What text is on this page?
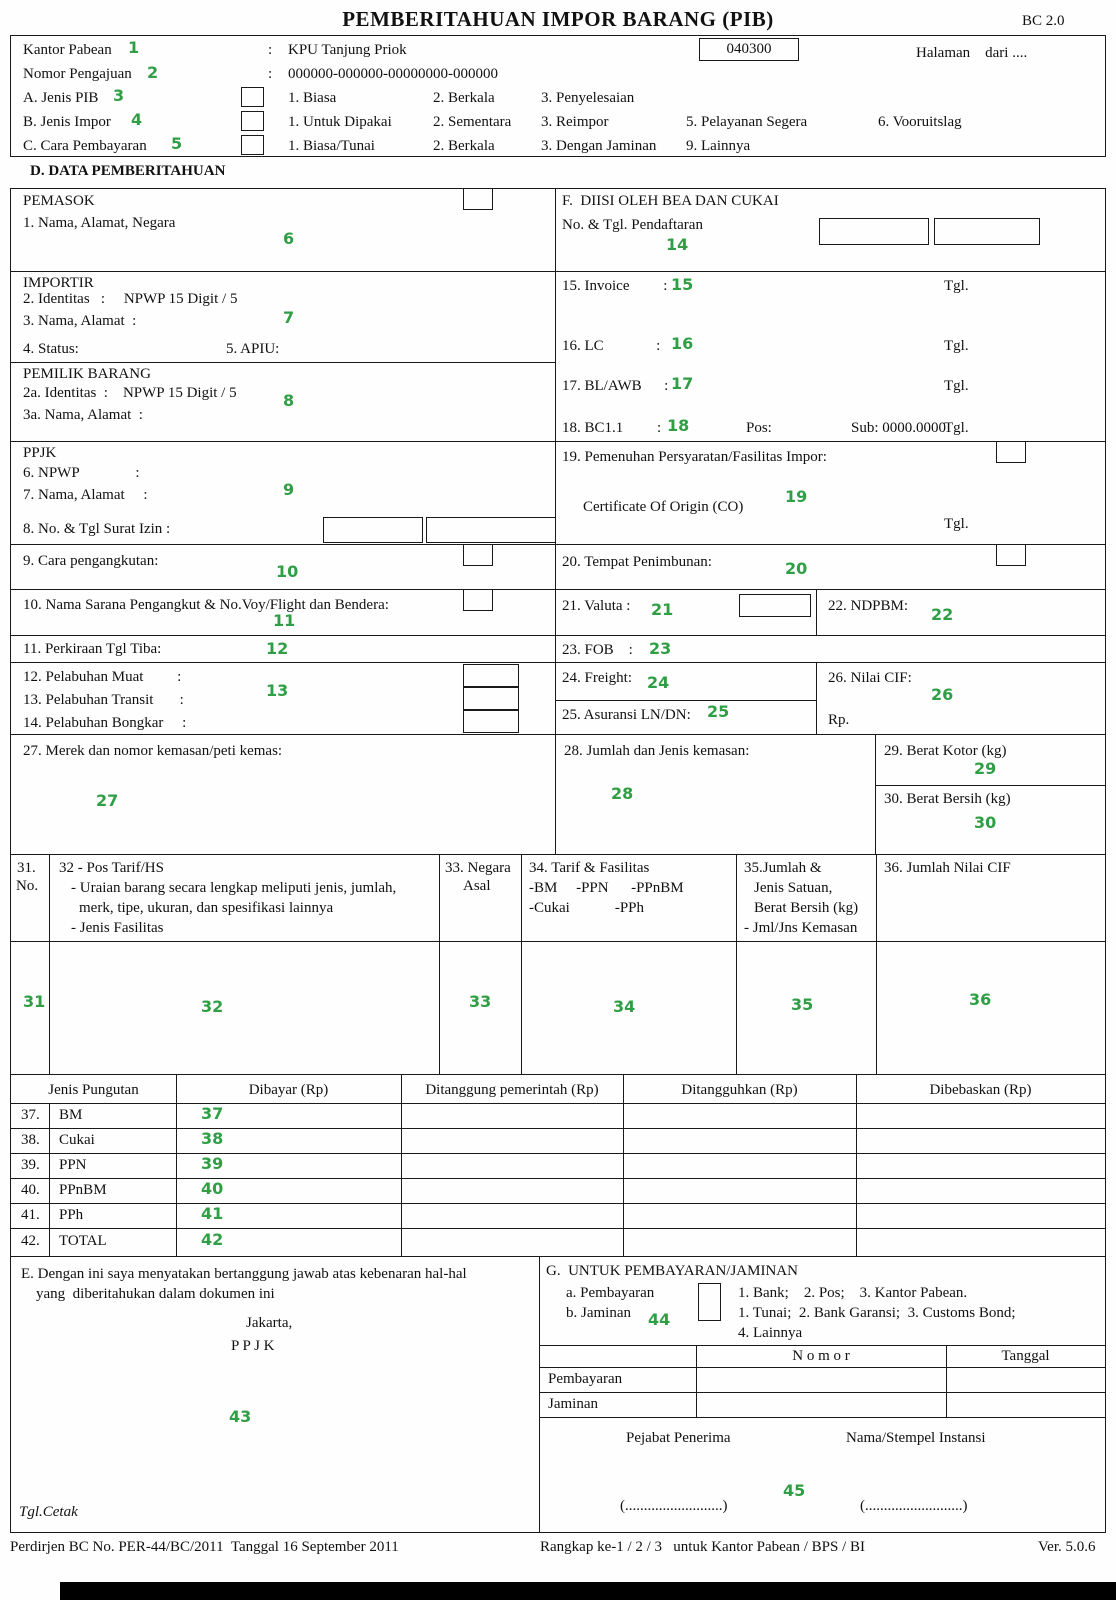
PEMBERITAHUAN IMPOR BARANG (PIB)	BC 2.0
Kantor Pabean 1	: KPU Tanjung Priok	040300	Halaman    dari ....
Nomor Pengajuan 2	: 000000-000000-00000000-000000
A. Jenis PIB 3	1. Biasa	2. Berkala	3. Penyelesaian
B. Jenis Impor 4	1. Untuk Dipakai	2. Sementara 3. Reimpor	5. Pelayanan Segera	6. Vooruitslag
C. Cara Pembayaran 5	1. Biasa/Tunai	2. Berkala	3. Dengan Jaminan 9. Lainnya
D. DATA PEMBERITAHUAN
PEMASOK
1. Nama, Alamat, Negara
6
IMPORTIR
2. Identitas   :     NPWP 15 Digit / 5
3. Nama, Alamat  :	7
4. Status:	5. APIU:
PEMILIK BARANG
2a. Identitas  :    NPWP 15 Digit / 5	8
3a. Nama, Alamat  :
PPJK
6. NPWP               :
7. Nama, Alamat     :	9
8. No. & Tgl Surat Izin :
9. Cara pengangkutan:
10
10. Nama Sarana Pengangkut & No.Voy/Flight dan Bendera:
11
11. Perkiraan Tgl Tiba:	12
12. Pelabuhan Muat         :
13. Pelabuhan Transit       :	13
14. Pelabuhan Bongkar     :
F.  DIISI OLEH BEA DAN CUKAI
No. & Tgl. Pendaftaran
14
15. Invoice         : 15	Tgl.
16. LC              : 16	Tgl.
17. BL/AWB      : 17	Tgl.
18. BC1.1         : 18	Pos:	Sub: 0000.0000
Tgl.
19. Pemenuhan Persyaratan/Fasilitas Impor:
Certificate Of Origin (CO)
19
Tgl.
20. Tempat Penimbunan:	20
21. Valuta : 21	22. NDPBM: 22
23. FOB    : 23
24. Freight: 24
25. Asuransi LN/DN: 25
26. Nilai CIF:
26
Rp.
27. Merek dan nomor kemasan/peti kemas:
27
28. Jumlah dan Jenis kemasan:
28
29. Berat Kotor (kg)
29
30. Berat Bersih (kg)
30
31.
No.
32 - Pos Tarif/HS
- Uraian barang secara lengkap meliputi jenis, jumlah,
merk, tipe, ukuran, dan spesifikasi lainnya
- Jenis Fasilitas
33. Negara
Asal
34. Tarif & Fasilitas
-BM     -PPN      -PPnBM
-Cukai            -PPh
35.Jumlah &
Jenis Satuan,
Berat Bersih (kg)
- Jml/Jns Kemasan
36. Jumlah Nilai CIF
31	32	33	34	35	36
Jenis Pungutan	Dibayar (Rp)	Ditanggung pemerintah (Rp)	Ditangguhkan (Rp)	Dibebaskan (Rp)
37. BM	37
38. Cukai	38
39. PPN	39
40. PPnBM	40
41. PPh	41
42. TOTAL	42
E. Dengan ini saya menyatakan bertanggung jawab atas kebenaran hal-hal
yang  diberitahukan dalam dokumen ini
Jakarta,
P P J K
43
Tgl.Cetak
G.  UNTUK PEMBAYARAN/JAMINAN
a. Pembayaran	1. Bank;    2. Pos;    3. Kantor Pabean.
b. Jaminan 44	1. Tunai;  2. Bank Garansi;  3. Customs Bond;
4. Lainnya
N o m o r	Tanggal
Pembayaran
Jaminan
Pejabat Penerima	Nama/Stempel Instansi
45
(..........................)	(..........................)
Perdirjen BC No. PER-44/BC/2011  Tanggal 16 September 2011	Rangkap ke-1 / 2 / 3   untuk Kantor Pabean / BPS / BI	Ver. 5.0.6
